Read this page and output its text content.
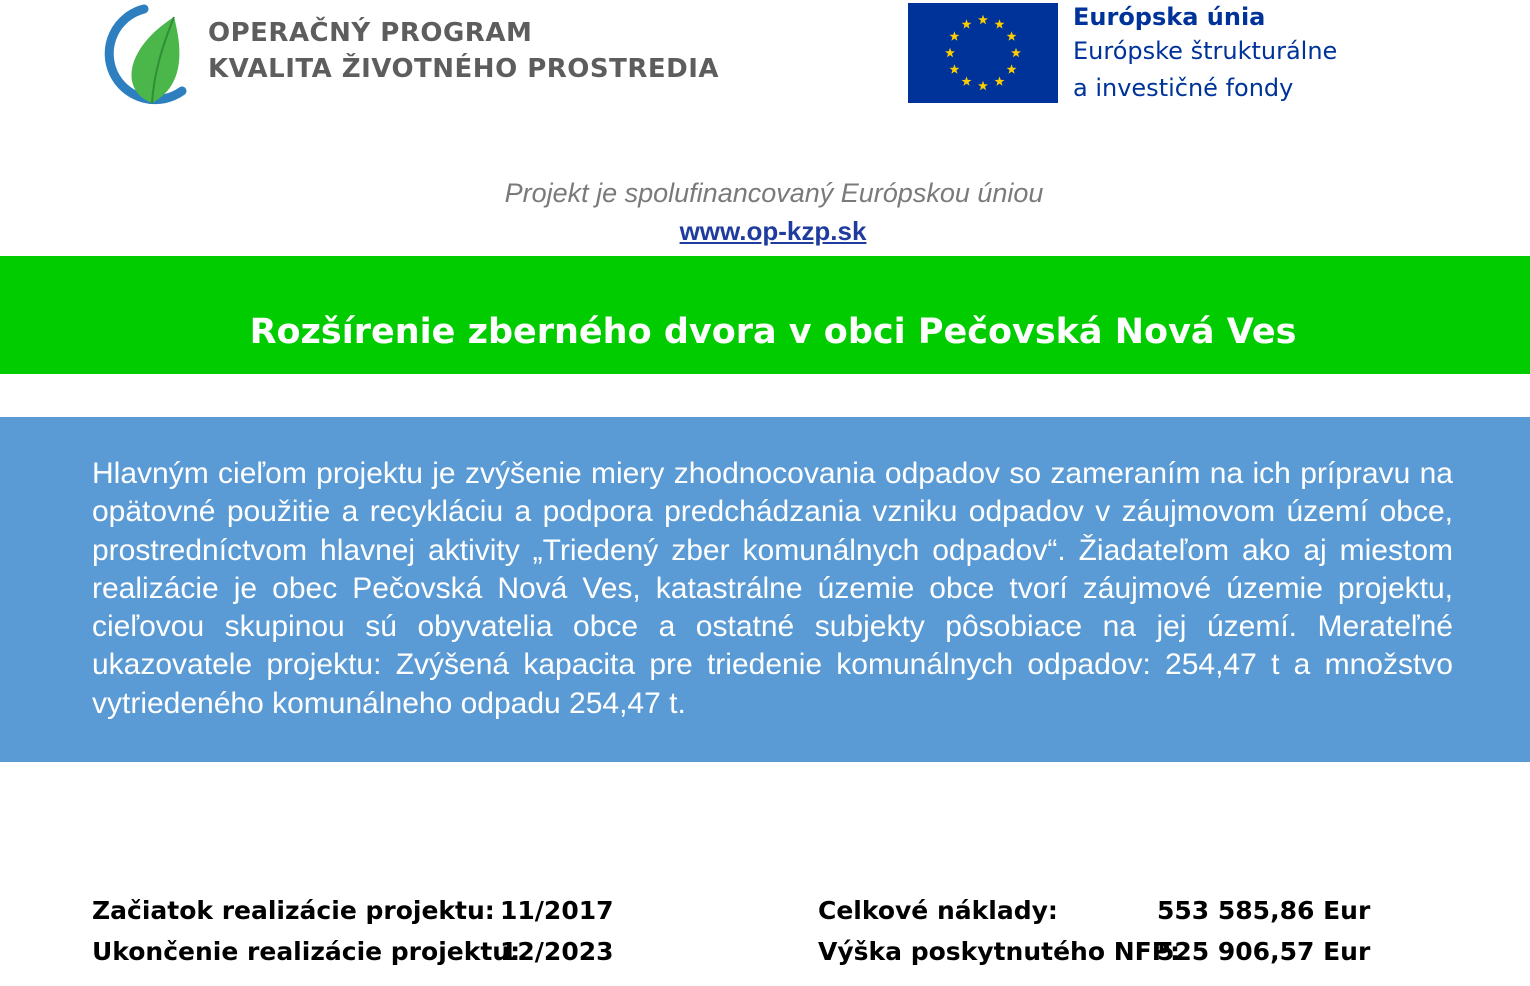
OPERAČNÝ PROGRAM
KVALITA ŽIVOTNÉHO PROSTREDIA
Európska únia
Európske štrukturálne
a investičné fondy
Projekt je spolufinancovaný Európskou úniou
www.op-kzp.sk
Rozšírenie zberného dvora v obci Pečovská Nová Ves
Hlavným cieľom projektu je zvýšenie miery zhodnocovania odpadov so zameraním na ich prípravu na opätovné použitie a recykláciu a podpora predchádzania vzniku odpadov v záujmovom území obce, prostredníctvom hlavnej aktivity „Triedený zber komunálnych odpadov“. Žiadateľom ako aj miestom realizácie je obec Pečovská Nová Ves, katastrálne územie obce tvorí záujmové územie projektu, cieľovou skupinou sú obyvatelia obce a ostatné subjekty pôsobiace na jej území. Merateľné ukazovatele projektu: Zvýšená kapacita pre triedenie komunálnych odpadov: 254,47 t a množstvo vytriedeného komunálneho odpadu 254,47 t.
Začiatok realizácie projektu: 11/2017
Ukončenie realizácie projektu:
12/2023
Celkové náklady:	553 585,86 Eur
Výška poskytnutého NFP:
525 906,57 Eur
